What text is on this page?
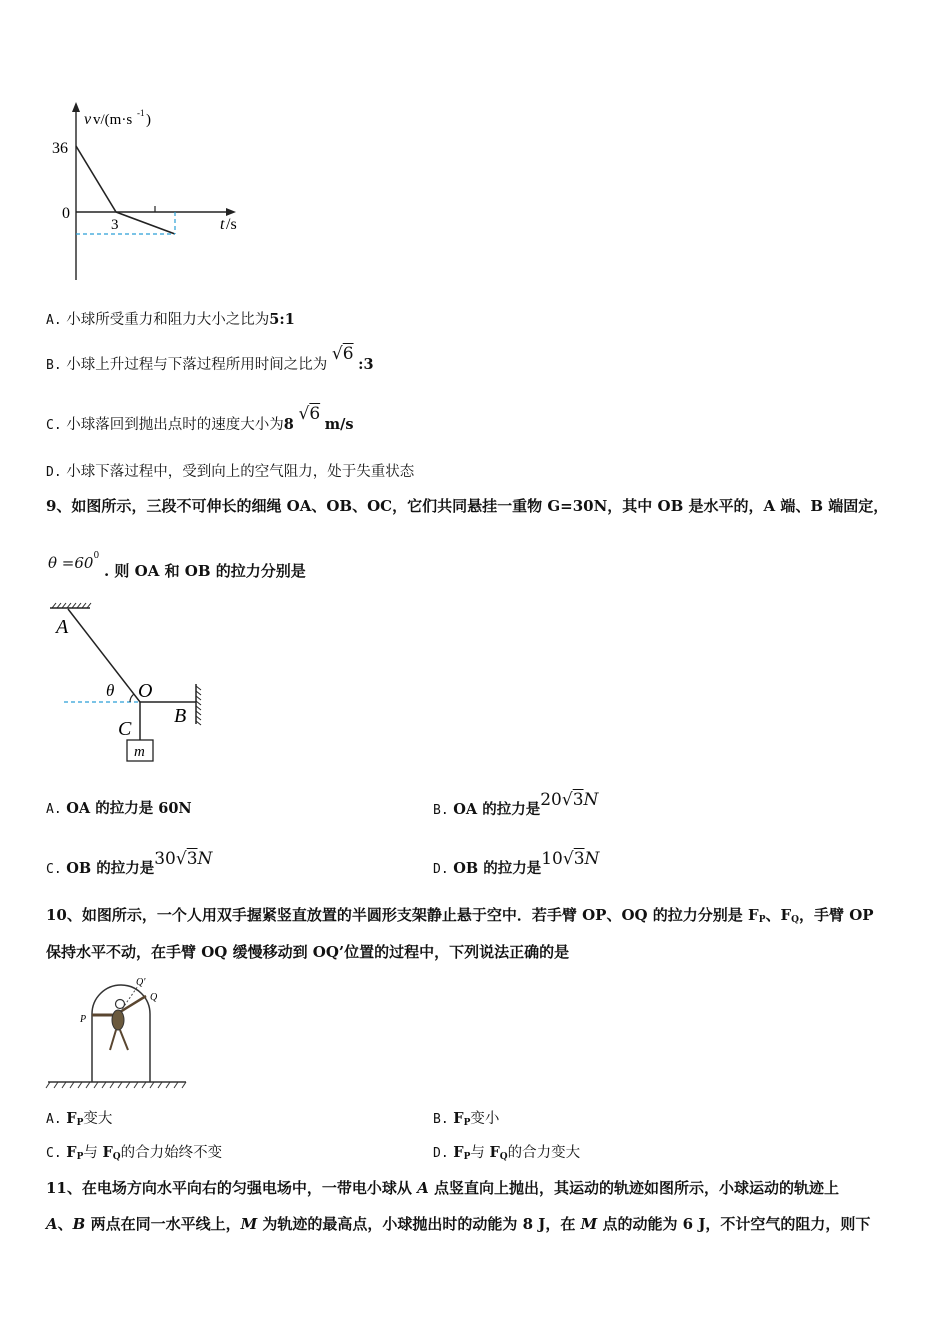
v v/(m·s -1 )
36
0
3	t /s
A. 小球所受重力和阻力大小之比为5:1
B. 小球上升过程与下落过程所用时间之比为 √6 :3
C. 小球落回到抛出点时的速度大小为8 √6 m/s
D. 小球下落过程中，受到向上的空气阻力，处于失重状态
9、如图所示，三段不可伸长的细绳 OA、OB、OC，它们共同悬挂一重物 G=30N，其中 OB 是水平的，A 端、B 端固定，
$\theta =60^0$ . 则 OA 和 OB 的拉力分别是
A
O
B
C
θ
m
A. OA 的拉力是 60N	B. OA 的拉力是20√3N
C. OB 的拉力是30√3N
D. OB 的拉力是10√3N
10、如图所示，一个人用双手握紧竖直放置的半圆形支架静止悬于空中．若手臂 OP、OQ 的拉力分别是 $F_P$、$F_Q$，手臂 OP
保持水平不动，在手臂 OQ 缓慢移动到 OQ’位置的过程中，下列说法正确的是
P
Q
Q'
A. $F_P$变大	B. $F_P$变小
C. $F_P$与 $F_Q$的合力始终不变	D. $F_P$与 $F_Q$的合力变大
11、在电场方向水平向右的匀强电场中，一带电小球从 A 点竖直向上抛出，其运动的轨迹如图所示，小球运动的轨迹上
A、B 两点在同一水平线上，M 为轨迹的最高点，小球抛出时的动能为 8 J，在 M 点的动能为 6 J，不计空气的阻力，则下
